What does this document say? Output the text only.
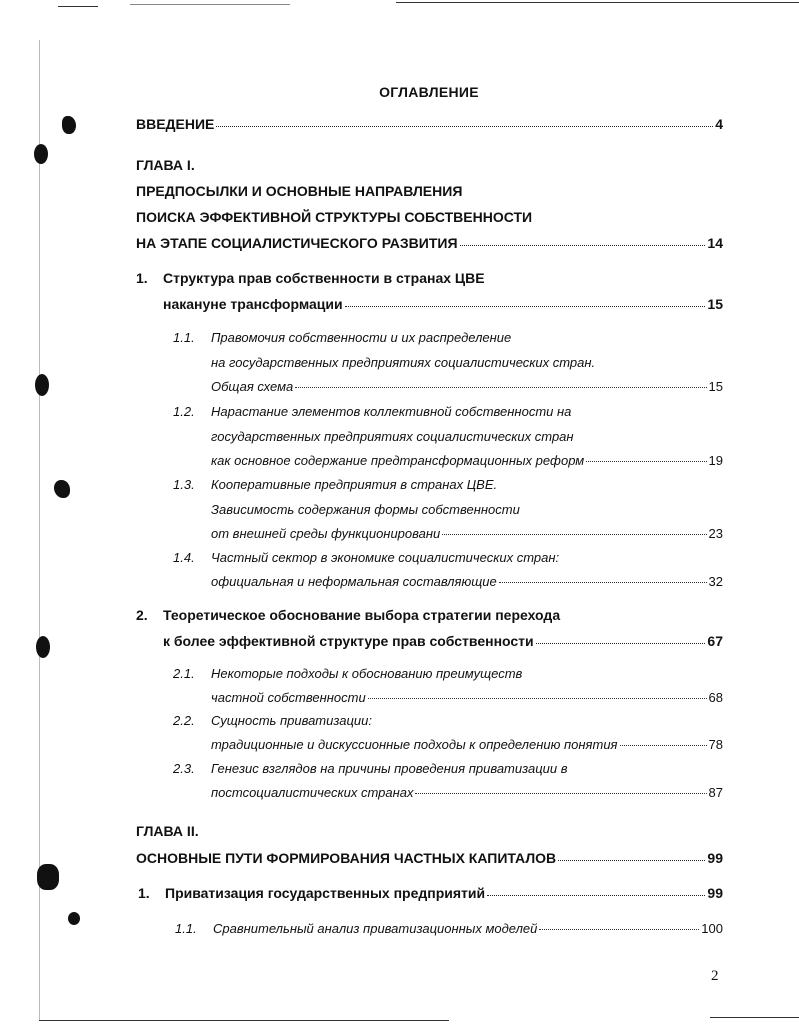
ОГЛАВЛЕНИЕ
ВВЕДЕНИЕ	4
ГЛАВА I.
ПРЕДПОСЫЛКИ И ОСНОВНЫЕ НАПРАВЛЕНИЯ
ПОИСКА ЭФФЕКТИВНОЙ СТРУКТУРЫ СОБСТВЕННОСТИ
НА ЭТАПЕ СОЦИАЛИСТИЧЕСКОГО РАЗВИТИЯ	14
1. Структура прав собственности в странах ЦВЕ
накануне трансформации	15
1.1. Правомочия собственности и их распределение
на государственных предприятиях социалистических стран.
Общая схема	15
1.2. Нарастание элементов коллективной собственности на
государственных предприятиях социалистических стран
как основное содержание предтрансформационных реформ	19
1.3. Кооперативные предприятия в странах ЦВЕ.
Зависимость содержания формы собственности
от внешней среды функционировани	23
1.4. Частный сектор в экономике социалистических стран:
официальная и неформальная составляющие	32
2. Теоретическое обоснование выбора стратегии перехода
к более эффективной структуре прав собственности	67
2.1. Некоторые подходы к обоснованию преимуществ
частной собственности	68
2.2. Сущность приватизации:
традиционные и дискуссионные подходы к определению понятия	78
2.3. Генезис взглядов на причины проведения приватизации в
постсоциалистических странах	87
ГЛАВА II.
ОСНОВНЫЕ ПУТИ ФОРМИРОВАНИЯ ЧАСТНЫХ КАПИТАЛОВ	99
1. Приватизация государственных предприятий	99
1.1. Сравнительный анализ приватизационных моделей	100
2
